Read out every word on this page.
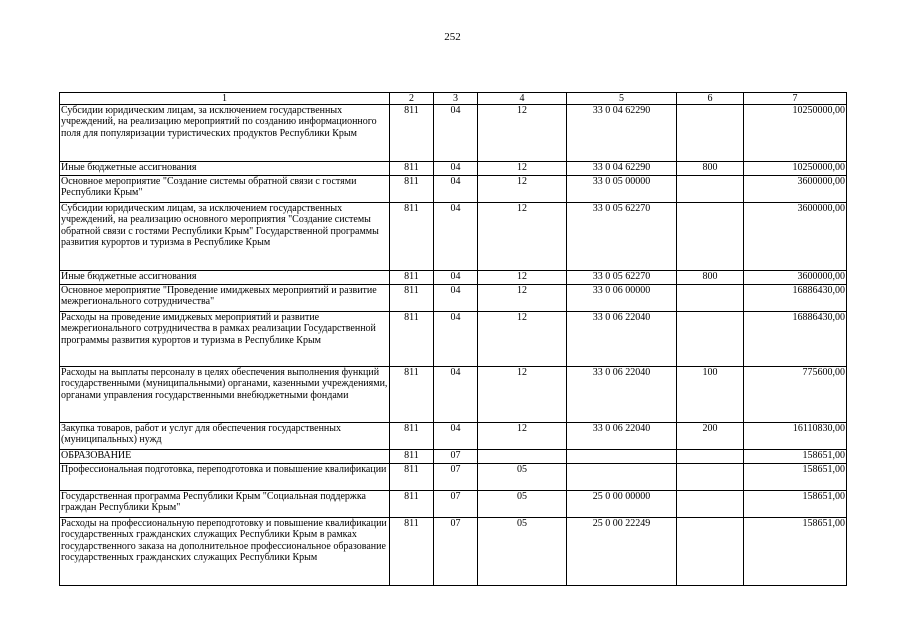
252
1	2	3	4	5	6	7
Субсидии юридическим лицам, за исключением государственных учреждений, на реализацию мероприятий по созданию информационного поля для популяризации туристических продуктов Республики Крым	811	04	12	33 0 04 62290		10250000,00
Иные бюджетные ассигнования	811	04	12	33 0 04 62290	800	10250000,00
Основное мероприятие "Создание системы обратной связи с гостями Республики Крым"	811	04	12	33 0 05 00000		3600000,00
Субсидии юридическим лицам, за исключением государственных учреждений, на реализацию основного мероприятия "Создание системы обратной связи с гостями Республики Крым" Государственной программы развития курортов и туризма в Республике Крым	811	04	12	33 0 05 62270		3600000,00
Иные бюджетные ассигнования	811	04	12	33 0 05 62270	800	3600000,00
Основное мероприятие "Проведение имиджевых мероприятий и развитие межрегионального сотрудничества"	811	04	12	33 0 06 00000		16886430,00
Расходы на проведение имиджевых мероприятий и развитие межрегионального сотрудничества в рамках реализации Государственной программы развития курортов и туризма в Республике Крым	811	04	12	33 0 06 22040		16886430,00
Расходы на выплаты персоналу в целях обеспечения выполнения функций государственными (муниципальными) органами, казенными учреждениями, органами управления государственными внебюджетными фондами	811	04	12	33 0 06 22040	100	775600,00
Закупка товаров, работ и услуг для обеспечения государственных (муниципальных) нужд	811	04	12	33 0 06 22040	200	16110830,00
ОБРАЗОВАНИЕ	811	07				158651,00
Профессиональная подготовка, переподготовка и повышение квалификации	811	07	05			158651,00
Государственная программа Республики Крым "Социальная поддержка граждан Республики Крым"	811	07	05	25 0 00 00000		158651,00
Расходы на профессиональную переподготовку и повышение квалификации государственных гражданских служащих Республики Крым в рамках государственного заказа на дополнительное профессиональное образование государственных гражданских служащих Республики Крым	811	07	05	25 0 00 22249		158651,00
